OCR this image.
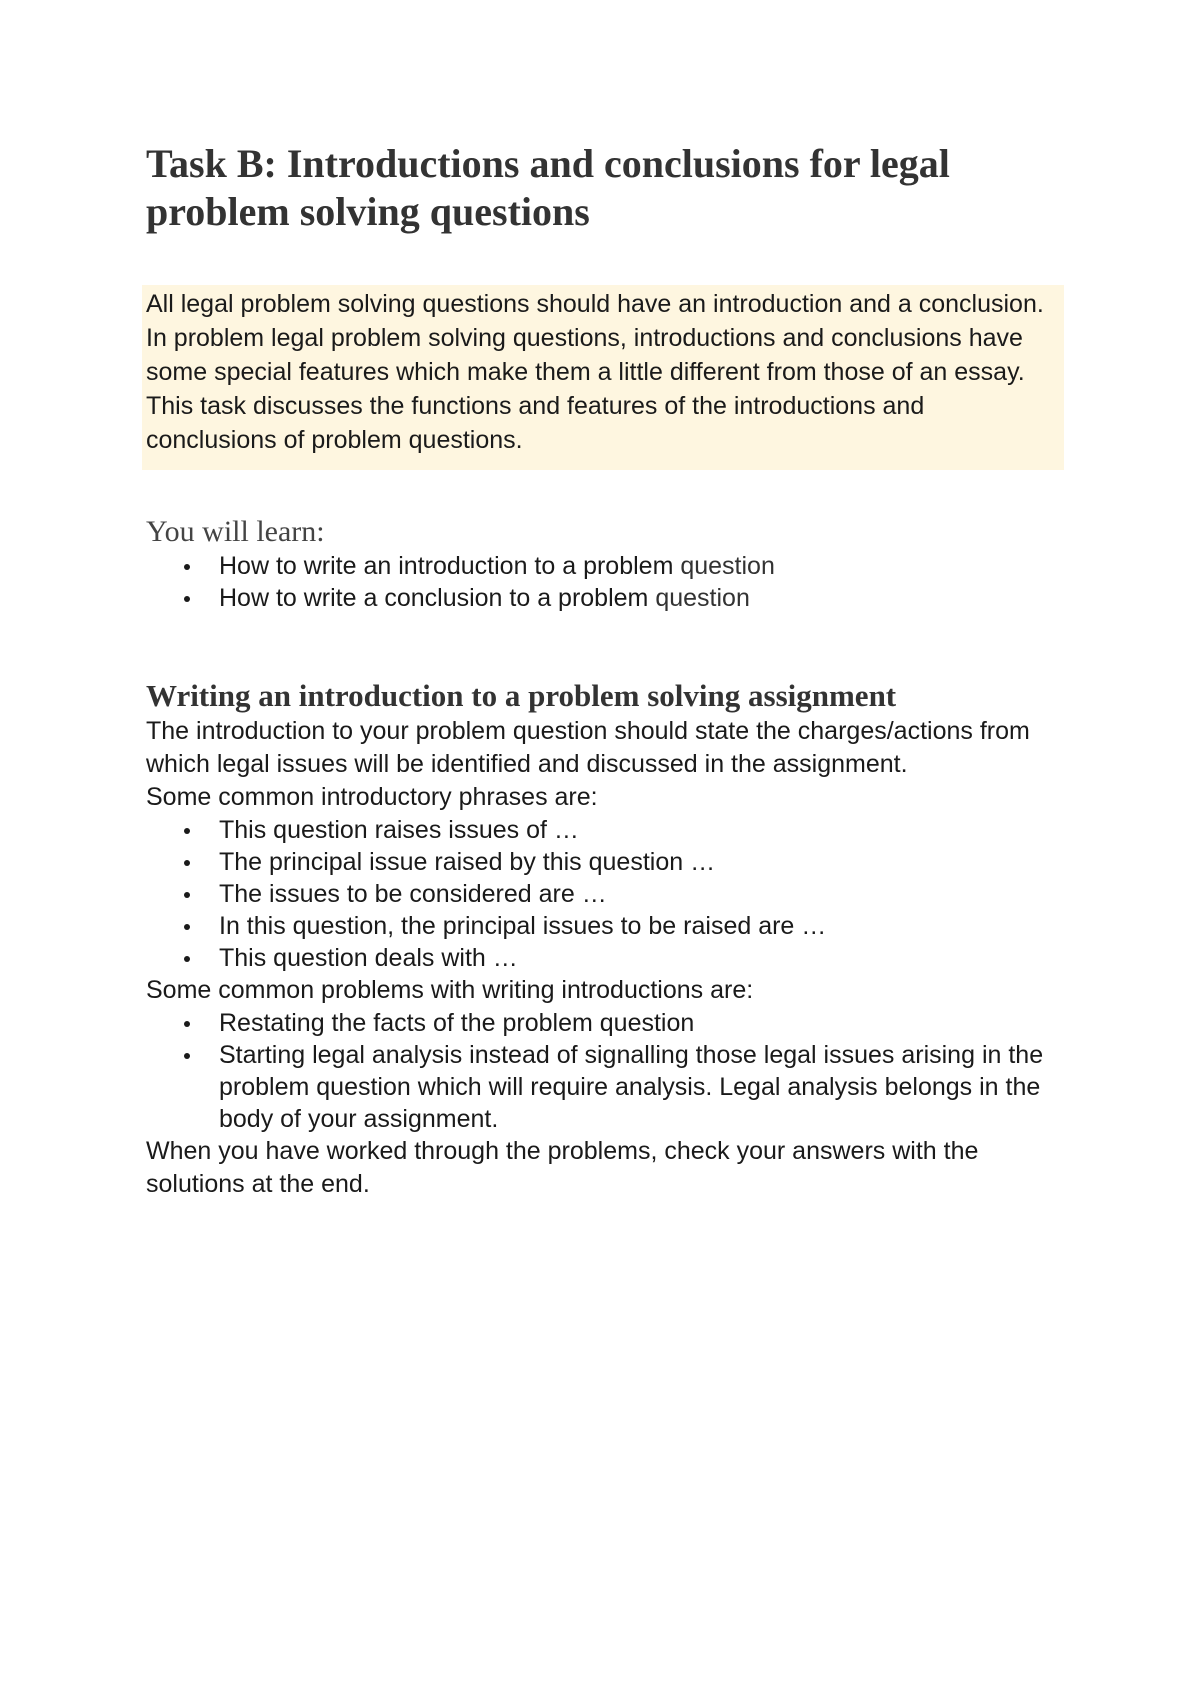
Task B: Introductions and conclusions for legal problem solving questions
All legal problem solving questions should have an introduction and a conclusion. In problem legal problem solving questions, introductions and conclusions have some special features which make them a little different from those of an essay. This task discusses the functions and features of the introductions and conclusions of problem questions.
You will learn:
How to write an introduction to a problem question
How to write a conclusion to a problem question
Writing an introduction to a problem solving assignment

The introduction to your problem question should state the charges/actions from which legal issues will be identified and discussed in the assignment.

Some common introductory phrases are:

This question raises issues of …
The principal issue raised by this question …
The issues to be considered are …
In this question, the principal issues to be raised are …
This question deals with …

Some common problems with writing introductions are:

Restating the facts of the problem question
Starting legal analysis instead of signalling those legal issues arising in the problem question which will require analysis. Legal analysis belongs in the body of your assignment.

When you have worked through the problems, check your answers with the solutions at the end.
